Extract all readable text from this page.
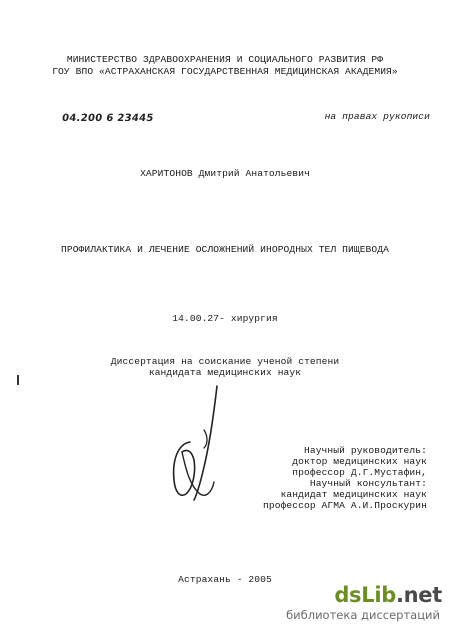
МИНИСТЕРСТВО ЗДРАВООХРАНЕНИЯ И СОЦИАЛЬНОГО РАЗВИТИЯ РФ
ГОУ ВПО «АСТРАХАНСКАЯ ГОСУДАРСТВЕННАЯ МЕДИЦИНСКАЯ АКАДЕМИЯ»
04.200 6 23445	на правах рукописи
ХАРИТОНОВ Дмитрий Анатольевич
ПРОФИЛАКТИКА И ЛЕЧЕНИЕ ОСЛОЖНЕНИЙ ИНОРОДНЫХ ТЕЛ ПИЩЕВОДА
14.00.27- хирургия
Диссертация на соискание ученой степени
кандидата медицинских наук
Научный руководитель:
доктор медицинских наук
профессор Д.Г.Мустафин,
Научный консультант:
кандидат медицинских наук
профессор АГМА А.И.Проскурин
Астрахань - 2005
dsLib.net
библиотека диссертаций
